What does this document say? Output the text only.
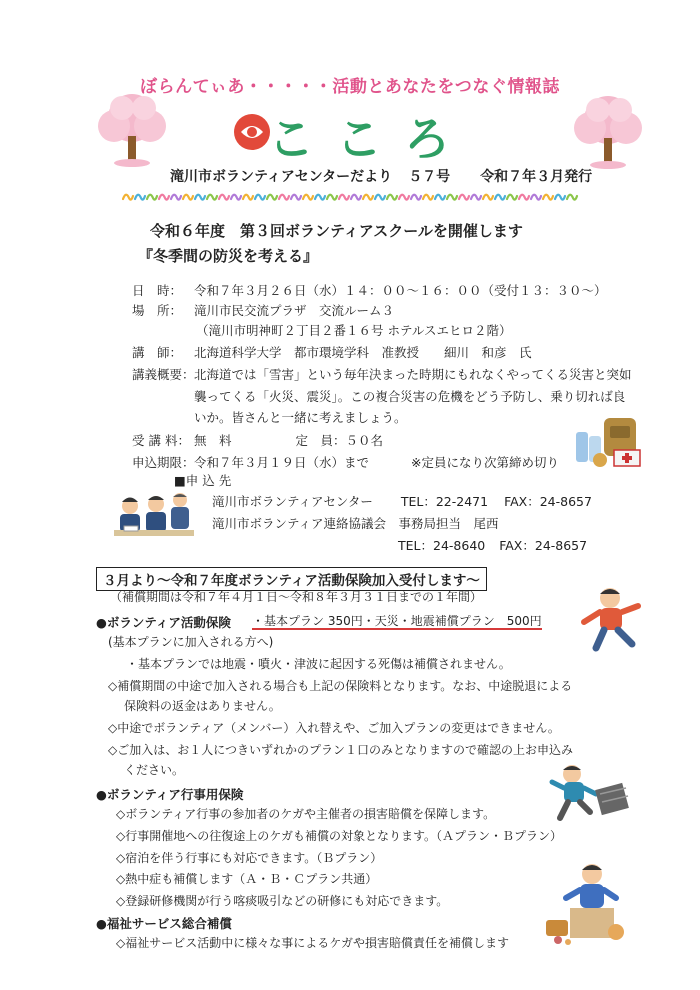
ぼらんてぃあ・・・・・活動とあなたをつなぐ情報誌
こころ
滝川市ボランティアセンターだより ５７号 令和７年３月発行
令和６年度　第３回ボランティアスクールを開催します
『冬季間の防災を考える』
日　時： 令和７年３月２６日（水）１４：００〜１６：００（受付１３：３０〜）
場　所： 滝川市民交流プラザ　交流ルーム３
（滝川市明神町２丁目２番１６号 ホテルスエヒロ２階）
講　師： 北海道科学大学　都市環境学科　准教授　　細川　和彦　氏
講義概要：北海道では「雪害」という毎年決まった時期にもれなくやってくる災害と突如
襲ってくる「火災、震災」。この複合災害の危機をどう予防し、乗り切れば良
いか。皆さんと一緒に考えましょう。
受 講 料： 無　料	定　員：５０名
申込期限：令和７年３月１９日（水）まで	※定員になり次第締め切り
■申 込 先
滝川市ボランティアセンター TEL：22-2471 FAX：24-8657
滝川市ボランティア連絡協議会　事務局担当　尾西
TEL：24-8640 FAX：24-8657
３月より〜令和７年度ボランティア活動保険加入受付します〜
（補償期間は令和７年４月１日〜令和８年３月３１日までの１年間）
●ボランティア活動保険 ・基本プラン 350円・天災・地震補償プラン　500円
(基本プランに加入される方へ)
・基本プランでは地震・噴火・津波に起因する死傷は補償されません。
◇補償期間の中途で加入される場合も上記の保険料となります。なお、中途脱退による
保険料の返金はありません。
◇中途でボランティア（メンバー）入れ替えや、ご加入プランの変更はできません。
◇ご加入は、お１人につきいずれかのプラン１口のみとなりますので確認の上お申込み
ください。
●ボランティア行事用保険
◇ボランティア行事の参加者のケガや主催者の損害賠償を保障します。
◇行事開催地への往復途上のケガも補償の対象となります。（Ａプラン・Ｂプラン）
◇宿泊を伴う行事にも対応できます。（Ｂプラン）
◇熱中症も補償します（Ａ・Ｂ・Ｃプラン共通）
◇登録研修機関が行う喀痰吸引などの研修にも対応できます。
●福祉サービス総合補償
◇福祉サービス活動中に様々な事によるケガや損害賠償責任を補償します
